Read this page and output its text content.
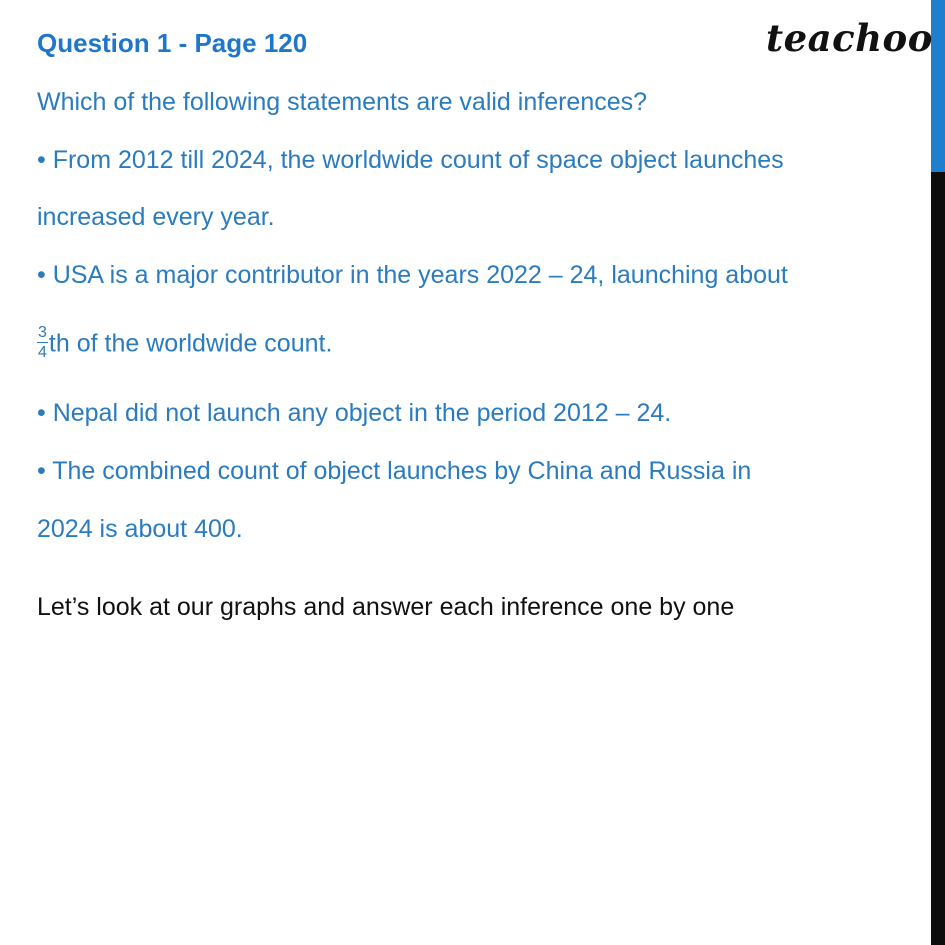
Question 1 - Page 120	teachoo
Which of the following statements are valid inferences?
• From 2012 till 2024, the worldwide count of space object launches
increased every year.
• USA is a major contributor in the years 2022 – 24, launching about
$\frac{3}{4}$ th of the worldwide count.
• Nepal did not launch any object in the period 2012 – 24.
• The combined count of object launches by China and Russia in
2024 is about 400.
Let’s look at our graphs and answer each inference one by one
